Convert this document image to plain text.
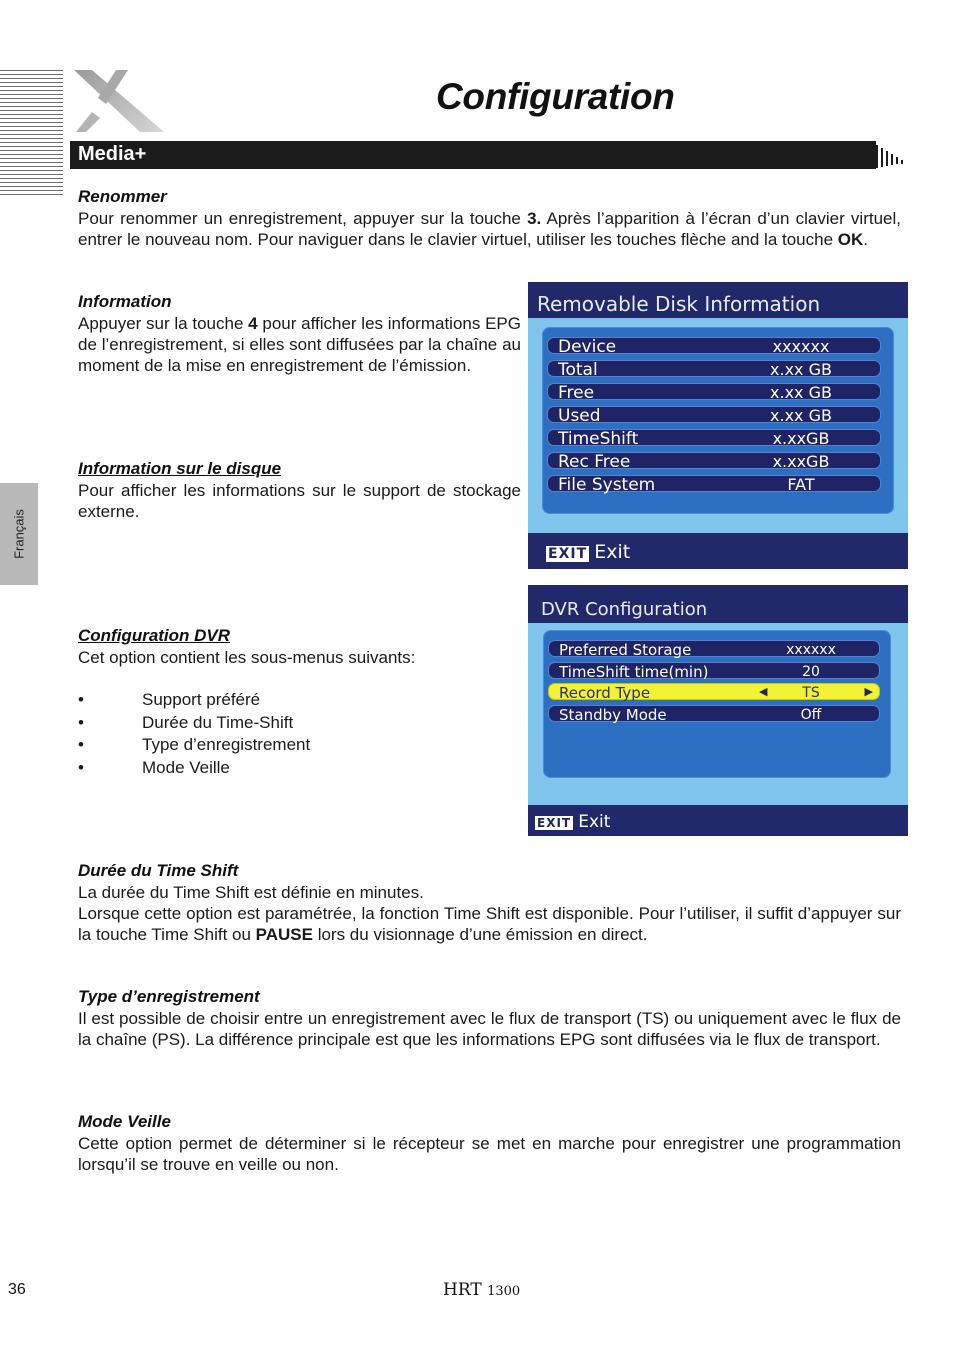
Français
Configuration
Media+
Renommer
Pour renommer un enregistrement, appuyer sur la touche 3. Après l’apparition à l’écran d’un clavier virtuel, entrer le nouveau nom. Pour naviguer dans le clavier virtuel, utiliser les touches flèche and la touche OK.
Information
Appuyer sur la touche 4 pour afficher les informations EPG de l’enregistrement, si elles sont diffusées par la chaîne au moment de la mise en enregistrement de l’émission.
Information sur le disque
Pour afficher les informations sur le support de stockage externe.
Removable Disk Information
Device	xxxxxx
Total	x.xx GB
Free	x.xx GB
Used	x.xx GB
TimeShift	x.xxGB
Rec Free	x.xxGB
File System	FAT
EXIT Exit
Configuration DVR
Cet option contient les sous-menus suivants:
• Support préféré
• Durée du Time-Shift
• Type d’enregistrement
• Mode Veille
DVR Configuration
Preferred Storage	xxxxxx
TimeShift time(min)	20
Record Type	◀ TS	▶
Standby Mode	Off
EXIT Exit
Durée du Time Shift
La durée du Time Shift est définie en minutes.
Lorsque cette option est paramétrée, la fonction Time Shift est disponible. Pour l’utiliser, il suffit d’appuyer sur la touche Time Shift ou PAUSE lors du visionnage d’une émission en direct.
Type d’enregistrement
Il est possible de choisir entre un enregistrement avec le flux de transport (TS) ou uniquement avec le flux de la chaîne (PS). La différence principale est que les informations EPG sont diffusées via le flux de transport.
Mode Veille
Cette option permet de déterminer si le récepteur se met en marche pour enregistrer une programmation lorsqu’il se trouve en veille ou non.
36	HRT 1300
